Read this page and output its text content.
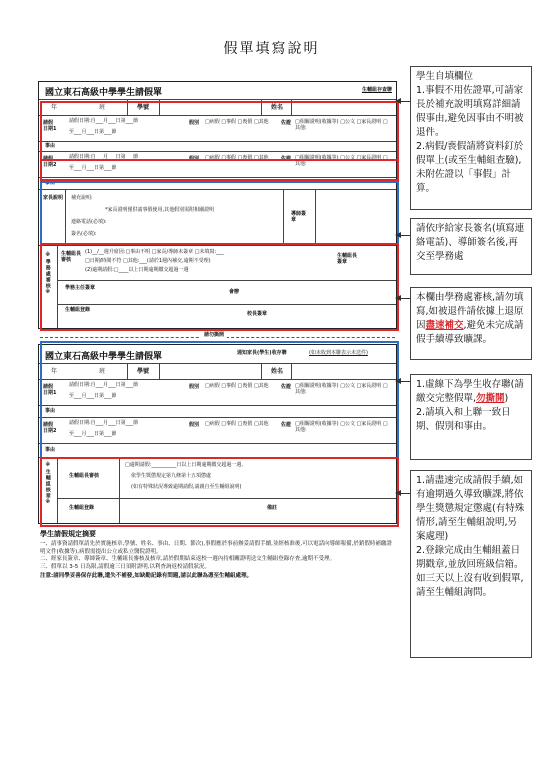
假單填寫說明
國立東石高級中學學生請假單	生輔組存查聯
年	班	學號	姓名
請假
日期1
請假日期:自___月___日第___節
至___月___日第___節
假別 □病假 □事假 □喪假 □其他	佐證 □相關證明(收據等) □公文 □家長證明 □其他:
事由
請假
日期2
請假日期:自___月___日第___節
至___月___日第___節
假別 □病假 □事假 □喪假 □其他	佐證 □相關證明(收據等) □公文 □家長證明 □其他:
事由
家長說明 補充說明:
*家長證明僅供請事假使用,其他假別需附相關證明
連絡電話(必填):
簽名(必填):
導師簽章
※學務處審核※ 生輔組長審核
(1)__/__週升席因:□事由不明 □家長/導師未簽章 □未填寫:___
□日期/時間不符 □其他:___(請於1週內補交,逾期不受理)
(2)逾期請假:□____以上日期逾期繳交超過一週
生輔組長簽章
學務主任簽章
會辦
生輔組登錄
校長簽章
請勿撕開
國立東石高級中學學生請假單	通知家長(學生)收存聯	(如未收到本聯表示未送件)
年	班	學號	姓名
請假
日期1
請假日期:自___月___日第___節
至___月___日第___節
假別 □病假 □事假 □喪假 □其他	佐證 □相關證明(收據等) □公文 □家長證明 □其他:
事由
請假
日期2
請假日期:自___月___日第___節
至___月___日第___節
假別 □病假 □事假 □喪假 □其他	佐證 □相關證明(收據等) □公文 □家長證明 □其他:
事由
※生輔組核章※	生輔組長審核
□逾期請假:__________日以上日期逾期繳交超過一週,
依學生獎懲規定第九條第十五項懲處
(如有特殊狀況導致逾期請假,請親自至生輔組說明)
生輔組登錄	備註
學生請假規定摘要
一、請事資請假單請先於實施核章,學號、姓名、事由、日期、節次),事假應於事前辦妥請假手續,並經核准後,可以電話向導師報備,於銷假時補繳證明文件(收據等),病假需提出公立或私立醫院證明。
二、經家長簽章、導師簽章、生輔組長審核及核章,請於假期結束返校一週內持相關證明送交生輔組登錄存查,逾期不受理。
三、假單以 3-5 日為限,請假逾三日須附證明,以利查詢返校請假狀況。
注意:請同學妥善保存此聯,遺失不補發,如缺勤記錄有問題,請以此聯為憑至生輔組處理。
學生自填欄位
1.事假不用佐證單,可請家長於補充說明填寫詳細請假事由,避免因事由不明被退件。
2.病假/喪假請將資料釘於假單上(或至生輔組查驗),未附佐證以「事假」計算。
請依序給家長簽名(填寫連絡電話)、導師簽名後,再交至學務處
本欄由學務處審核,請勿填寫,如被退件請依據上退原因盡速補交,避免未完成請假手續導致曠課。
1.虛線下為學生收存聯(請繳交完整假單,勿撕開)
2.請填入和上聯一致日期、假別和事由。
1.請盡速完成請假手續,如有逾期過久導致曠課,將依學生獎懲規定懲處(有特殊情形,請至生輔組說明,另案處理)
2.登錄完成由生輔組蓋日期戳章,並放回班級信箱。如三天以上沒有收到假單,請至生輔組詢問。
